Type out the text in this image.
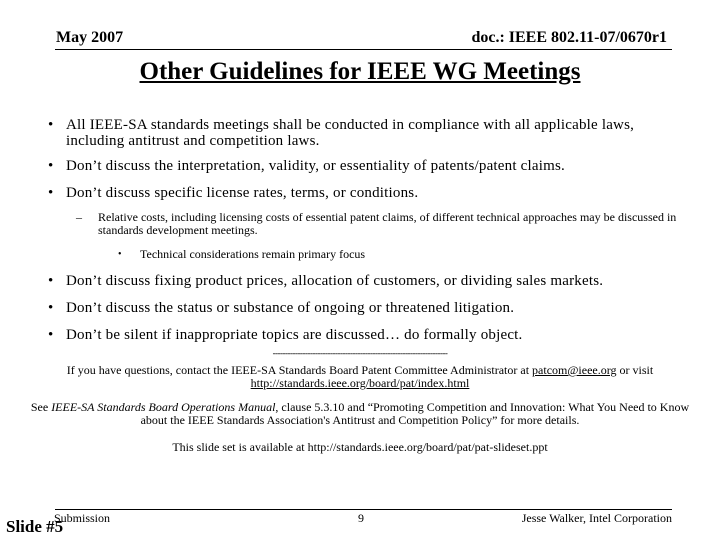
May 2007	doc.: IEEE 802.11-07/0670r1
Other Guidelines for IEEE WG Meetings
• All IEEE-SA standards meetings shall be conducted in compliance with all applicable laws, including antitrust and competition laws.
• Don’t discuss the interpretation, validity, or essentiality of patents/patent claims.
• Don’t discuss specific license rates, terms, or conditions.
– Relative costs, including licensing costs of essential patent claims, of different technical approaches may be discussed in standards development meetings.
• Technical considerations remain primary focus
• Don’t discuss fixing product prices, allocation of customers, or dividing sales markets.
• Don’t discuss the status or substance of ongoing or threatened litigation.
• Don’t be silent if inappropriate topics are discussed… do formally object.
----------------------------------------------------------------------
If you have questions, contact the IEEE-SA Standards Board Patent Committee Administrator at patcom@ieee.org or visit
http://standards.ieee.org/board/pat/index.html
See IEEE-SA Standards Board Operations Manual, clause 5.3.10 and “Promoting Competition and Innovation: What You Need to Know about the IEEE Standards Association's Antitrust and Competition Policy” for more details.
This slide set is available at http://standards.ieee.org/board/pat/pat-slideset.ppt
Submission	9	Jesse Walker, Intel Corporation
Slide #5
